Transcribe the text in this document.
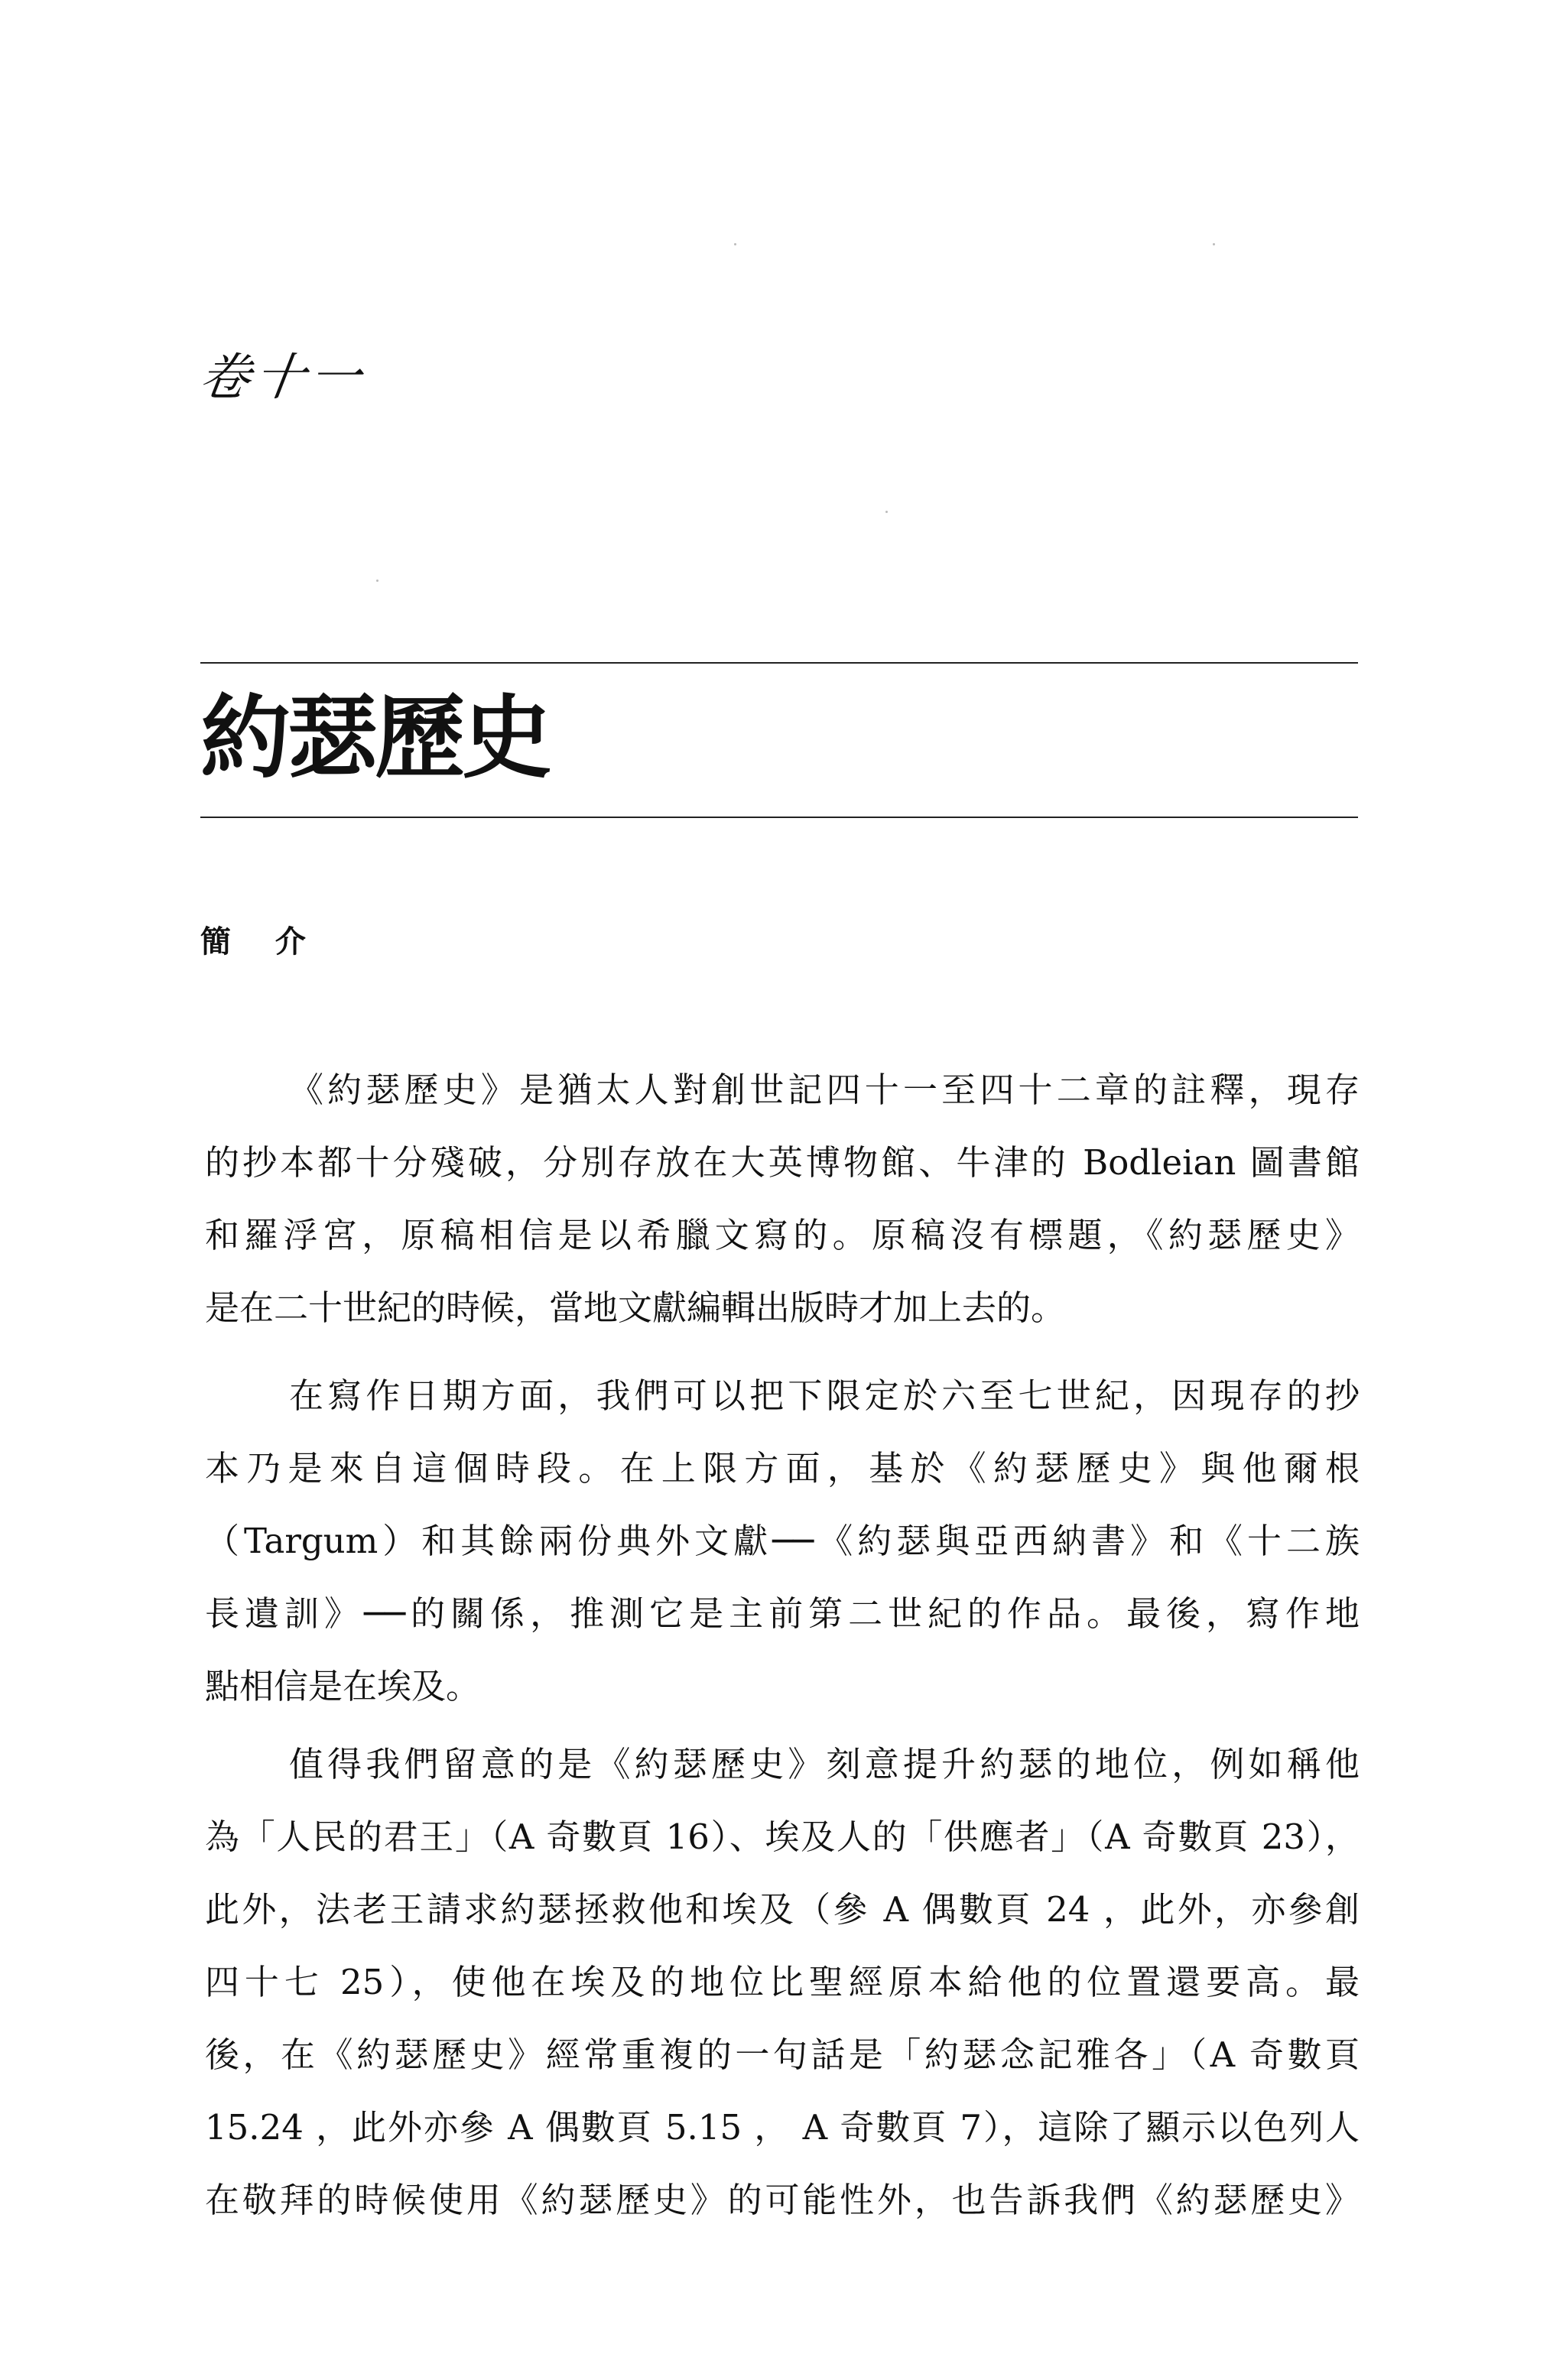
卷十一
約瑟歷史
簡 介
《約瑟歷史》是猶太人對創世記四十一至四十二章的註釋，現存
的抄本都十分殘破，分別存放在大英博物館、牛津的 Bodleian 圖書館
和羅浮宮，原稿相信是以希臘文寫的。原稿沒有標題，《約瑟歷史》
是在二十世紀的時候，當地文獻編輯出版時才加上去的。
在寫作日期方面，我們可以把下限定於六至七世紀，因現存的抄
本乃是來自這個時段。在上限方面，基於《約瑟歷史》與他爾根
（Targum）和其餘兩份典外文獻──《約瑟與亞西納書》和《十二族
長遺訓》──的關係，推測它是主前第二世紀的作品。最後，寫作地
點相信是在埃及。
值得我們留意的是《約瑟歷史》刻意提升約瑟的地位，例如稱他
為「人民的君王」（A 奇數頁 16）、埃及人的「供應者」（A 奇數頁 23），
此外，法老王請求約瑟拯救他和埃及（參 A 偶數頁 24 ，此外，亦參創
四十七 25），使他在埃及的地位比聖經原本給他的位置還要高。最
後，在《約瑟歷史》經常重複的一句話是「約瑟念記雅各」（A 奇數頁
15.24 ，此外亦參 A 偶數頁 5.15 ， A 奇數頁 7），這除了顯示以色列人
在敬拜的時候使用《約瑟歷史》的可能性外，也告訴我們《約瑟歷史》
